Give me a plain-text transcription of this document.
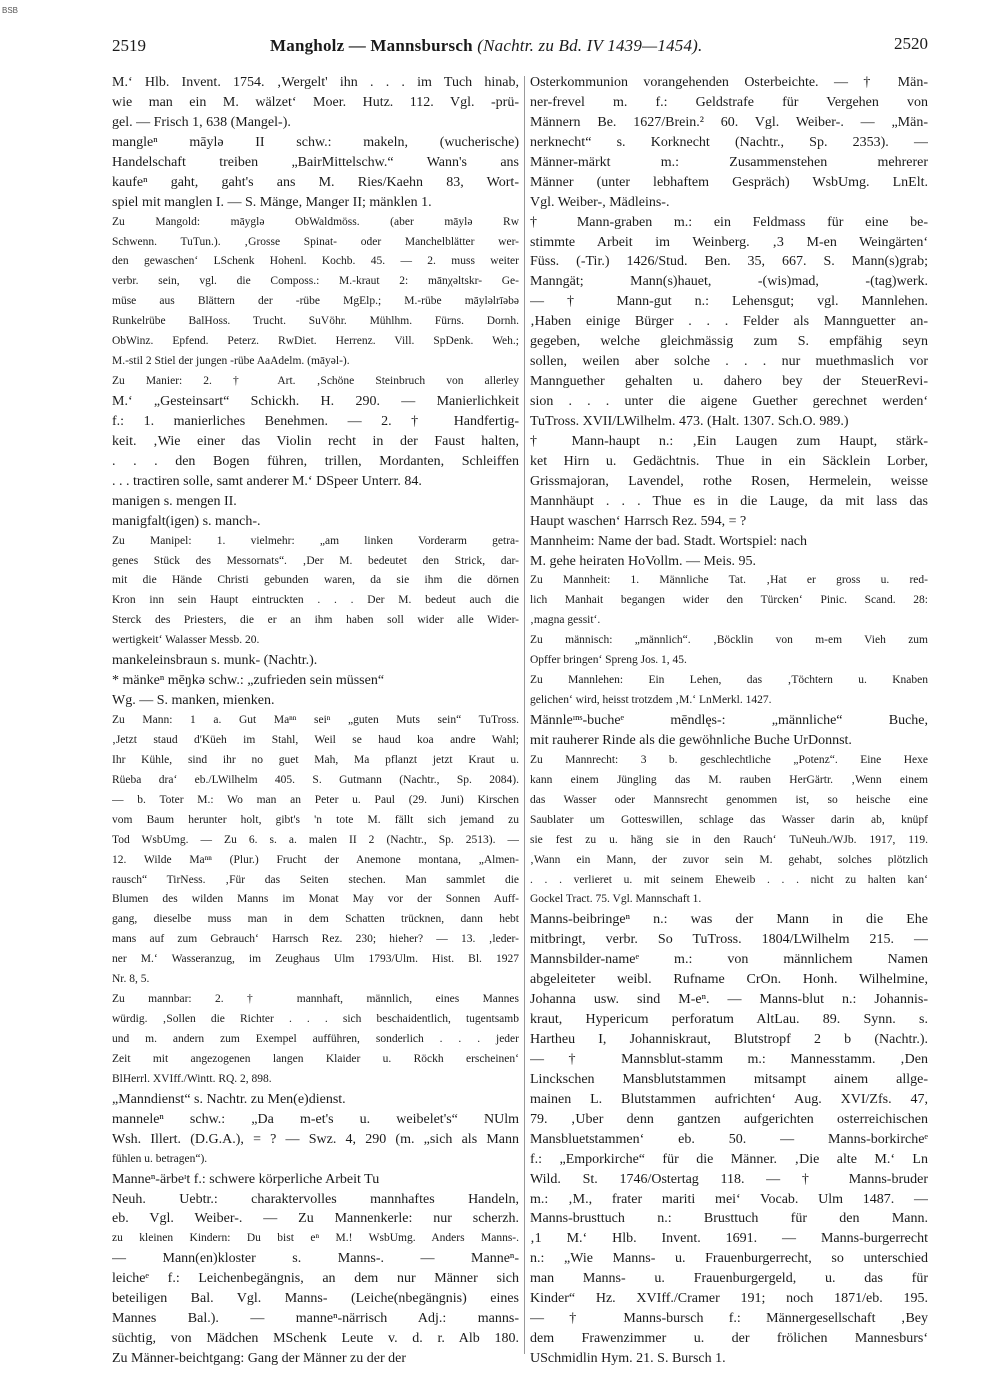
BSB
2519	Mangholz — Mannsbursch (Nachtr. zu Bd. IV 1439—1454).	2520
M.‘ Hlb. Invent. 1754. ‚Wergelt' ihn . . . im Tuch hinab,
wie man ein M. wälzet‘ Moer. Hutz. 112. Vgl. -prü-
gel. — Frisch 1, 638 (Mangel-).
mangleⁿ māylə II schw.: makeln, (wucherische)
Handelschaft treiben „BairMittelschw.“ Wann's ans
kaufeⁿ gaht, gaht's ans M. Ries/Kaehn 83, Wort-
spiel mit manglen I. — S. Mänge, Manger II; mänklen 1.
Zu Mangold: māyglə ObWaldmöss. (aber māylə Rw
Schwenn. TuTun.). ‚Grosse Spinat- oder Manchelblätter wer-
den gewaschen‘ LSchenk Hohenl. Kochb. 45. — 2. muss weiter
verbr. sein, vgl. die Composs.: M.-kraut 2: mānχəltskr- Ge-
müse aus Blättern der -rübe MgElp.; M.-rübe māyləlrīəbə
Runkelrübe BalHoss. Trucht. SuVöhr. Mühlhm. Fürns. Dornh.
ObWinz. Epfend. Peterz. RwDiet. Herrenz. Vill. SpDenk. Weh.;
M.-stil 2 Stiel der jungen -rübe AaAdelm. (māyəl-).
Zu Manier: 2. † Art. ‚Schöne Steinbruch von allerley
M.‘ „Gesteinsart“ Schickh. H. 290. — Manierlichkeit
f.: 1. manierliches Benehmen. — 2. † Handfertig-
keit. ‚Wie einer das Violin recht in der Faust halten,
. . . den Bogen führen, trillen, Mordanten, Schleiffen
. . . tractiren solle, samt anderer M.‘ DSpeer Unterr. 84.
manigen s. mengen II.
manigfalt(igen) s. manch-.
Zu Manipel: 1. vielmehr: „am linken Vorderarm getra-
genes Stück des Messornats“. ‚Der M. bedeutet den Strick, dar-
mit die Hände Christi gebunden waren, da sie ihm die dörnen
Kron inn sein Haupt eintruckten . . . Der M. bedeut auch die
Sterck des Priesters, die er an ihm haben soll wider alle Wider-
wertigkeit‘ Walasser Messb. 20.
mankeleinsbraun s. munk- (Nachtr.).
* mänkeⁿ mēŋkə schw.: „zufrieden sein müssen“
Wg. — S. manken, mienken.
Zu Mann: 1 a. Gut Maⁿⁿ seiⁿ „guten Muts sein“ TuTross.
‚Jetzt staud d'Küeh im Stahl, Weil se haud koa andre Wahl;
Ihr Kühle, sind ihr no guet Mah, Ma pflanzt jetzt Kraut u.
Rüeba dra‘ eb./LWilhelm 405. S. Gutmann (Nachtr., Sp. 2084).
— b. Toter M.: Wo man an Peter u. Paul (29. Juni) Kirschen
vom Baum herunter holt, gibt's 'n tote M. fällt sich jemand zu
Tod WsbUmg. — Zu 6. s. a. malen II 2 (Nachtr., Sp. 2513). —
12. Wilde Maⁿⁿ (Plur.) Frucht der Anemone montana, „Almen-
rausch“ TirNess. ‚Für das Seiten stechen. Man sammlet die
Blumen des wilden Manns im Monat May vor der Sonnen Auff-
gang, dieselbe muss man in dem Schatten trücknen, dann hebt
mans auf zum Gebrauch‘ Harrsch Rez. 230; hieher? — 13. ‚leder-
ner M.‘ Wasseranzug, im Zeughaus Ulm 1793/Ulm. Hist. Bl. 1927
Nr. 8, 5.
Zu mannbar: 2. † mannhaft, männlich, eines Mannes
würdig. ‚Sollen die Richter . . . sich beschaidentlich, tugentsamb
und m. andern zum Exempel aufführen, sonderlich . . . jeder
Zeit mit angezogenen langen Klaider u. Röckh erscheinen‘
BlHerrl. XVIff./Wintt. RQ. 2, 898.
„Manndienst“ s. Nachtr. zu Men(e)dienst.
manneleⁿ schw.: „Da m-et's u. weibelet's“ NUlm
Wsh. Illert. (D.G.A.), = ? — Swz. 4, 290 (m. „sich als Mann
fühlen u. betragen“).
Manneⁿ-ärbeᶦt f.: schwere körperliche Arbeit Tu
Neuh. Uebtr.: charaktervolles mannhaftes Handeln,
eb. Vgl. Weiber-. — Zu Mannenkerle: nur scherzh.
zu kleinen Kindern: Du bist eⁿ M.! WsbUmg. Anders Manns-.
— Mann(en)kloster s. Manns-. — Manneⁿ-
leicheᵉ f.: Leichenbegängnis, an dem nur Männer sich
beteiligen Bal. Vgl. Manns- (Leiche(nbegängnis) eines
Mannes Bal.). — manneⁿ-närrisch Adj.: manns-
süchtig, von Mädchen MSchenk Leute v. d. r. Alb 180.
Zu Männer-beichtgang: Gang der Männer zu der der
Osterkommunion vorangehenden Osterbeichte. — † Män-
ner-frevel m. f.: Geldstrafe für Vergehen von
Männern Be. 1627/Brein.² 60. Vgl. Weiber-. — „Män-
nerknecht“ s. Korknecht (Nachtr., Sp. 2353). —
Männer-märkt m.: Zusammenstehen mehrerer
Männer (unter lebhaftem Gespräch) WsbUmg. LnElt.
Vgl. Weiber-, Mädleins-.
† Mann-graben m.: ein Feldmass für eine be-
stimmte Arbeit im Weinberg. ‚3 M-en Weingärten‘
Füss. (-Tir.) 1426/Stud. Ben. 35, 667. S. Mann(s)grab;
Manngät; Mann(s)hauet, -(wis)mad, -(tag)werk.
— † Mann-gut n.: Lehensgut; vgl. Mannlehen.
‚Haben einige Bürger . . . Felder als Mannguetter an-
gegeben, welche gleichmässig zum S. empfähig seyn
sollen, weilen aber solche . . . nur muethmaslich vor
Mannguether gehalten u. dahero bey der SteuerRevi-
sion . . . unter die aigene Guether gerechnet werden‘
TuTross. XVII/LWilhelm. 473. (Halt. 1307. Sch.O. 989.)
† Mann-haupt n.: ‚Ein Laugen zum Haupt, stärk-
ket Hirn u. Gedächtnis. Thue in ein Säcklein Lorber,
Grissmajoran, Lavendel, rothe Rosen, Hermelein, weisse
Mannhäupt . . . Thue es in die Lauge, da mit lass das
Haupt waschen‘ Harrsch Rez. 594, = ?
Mannheim: Name der bad. Stadt. Wortspiel: nach
M. gehe heiraten HoVollm. — Meis. 95.
Zu Mannheit: 1. Männliche Tat. ‚Hat er gross u. red-
lich Manhait begangen wider den Türcken‘ Pinic. Scand. 28:
‚magna gessit‘.
Zu männisch: „männlich“. ‚Böcklin von m-em Vieh zum
Opffer bringen‘ Spreng Jos. 1, 45.
Zu Mannlehen: Ein Lehen, das ‚Töchtern u. Knaben
gelichen‘ wird, heisst trotzdem ‚M.‘ LnMerkl. 1427.
Männleᶦⁿˢ-bucheᵉ mēndlęs-: „männliche“ Buche,
mit rauherer Rinde als die gewöhnliche Buche UrDonnst.
Zu Mannrecht: 3 b. geschlechtliche „Potenz“. Eine Hexe
kann einem Jüngling das M. rauben HerGärtr. ‚Wenn einem
das Wasser oder Mannsrecht genommen ist, so heische eine
Saublater um Gotteswillen, schlage das Wasser darin ab, knüpf
sie fest zu u. häng sie in den Rauch‘ TuNeuh./WJb. 1917, 119.
‚Wann ein Mann, der zuvor sein M. gehabt, solches plötzlich
. . . verlieret u. mit seinem Eheweib . . . nicht zu halten kan‘
Gockel Tract. 75. Vgl. Mannschaft 1.
Manns-beibringeⁿ n.: was der Mann in die Ehe
mitbringt, verbr. So TuTross. 1804/LWilhelm 215. —
Mannsbilder-nameᵉ m.: von männlichem Namen
abgeleiteter weibl. Rufname CrOn. Honh. Wilhelmine,
Johanna usw. sind M-eⁿ. — Manns-blut n.: Johannis-
kraut, Hypericum perforatum AltLau. 89. Synn. s.
Hartheu I, Johanniskraut, Blutstropf 2 b (Nachtr.).
— † Mannsblut-stamm m.: Mannesstamm. ‚Den
Linckschen Mansblutstammen mitsampt ainem allge-
mainen L. Blutstammen aufrichten‘ Aug. XVI/Zfs. 47,
79. ‚Uber denn gantzen aufgerichten osterreichischen
Mansbluetstammen‘ eb. 50. — Manns-borkircheᵉ
f.: „Emporkirche“ für die Männer. ‚Die alte M.‘ Ln
Wild. St. 1746/Ostertag 118. — † Manns-bruder
m.: ‚M., frater mariti mei‘ Vocab. Ulm 1487. —
Manns-brusttuch n.: Brusttuch für den Mann.
‚1 M.‘ Hlb. Invent. 1691. — Manns-burgerrecht
n.: „Wie Manns- u. Frauenburgerrecht, so unterschied
man Manns- u. Frauenburgergeld, u. das für
Kinder“ Hz. XVIff./Cramer 191; noch 1871/eb. 195.
— † Manns-bursch f.: Männergesellschaft ‚Bey
dem Frawenzimmer u. der frölichen Mannesburs‘
USchmidlin Hym. 21. S. Bursch 1.
